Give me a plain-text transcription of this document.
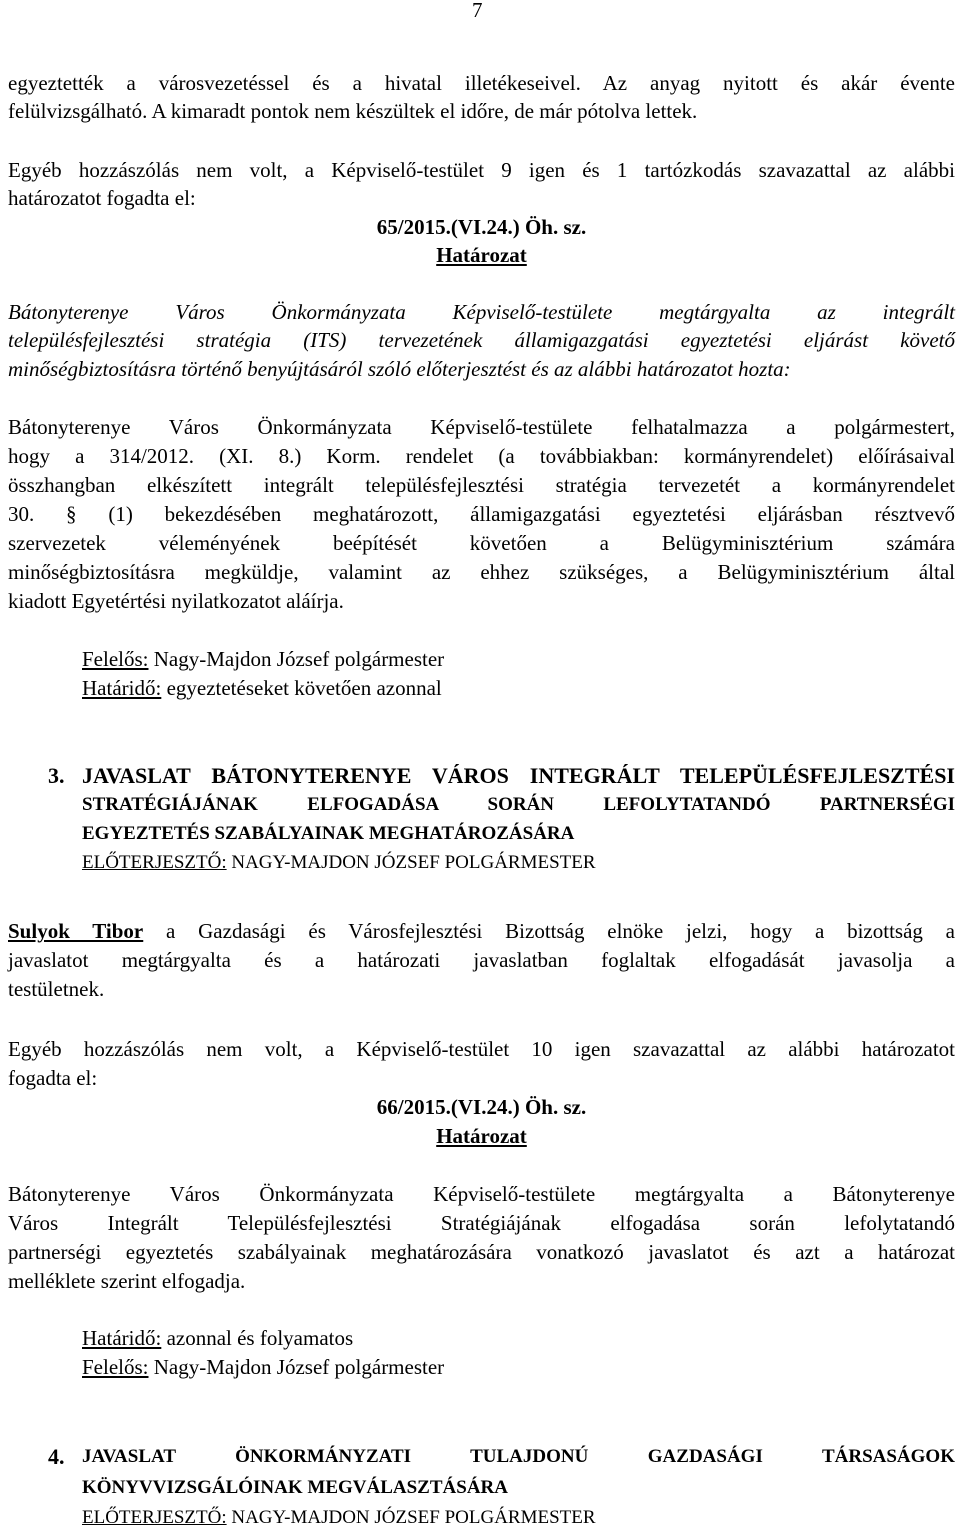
7
egyeztették a városvezetéssel és a hivatal illetékeseivel. Az anyag nyitott és akár évente
felülvizsgálható. A kimaradt pontok nem készültek el időre, de már pótolva lettek.
Egyéb hozzászólás nem volt, a Képviselő-testület 9 igen és 1 tartózkodás szavazattal az alábbi
határozatot fogadta el:
65/2015.(VI.24.) Öh. sz.
Határozat
Bátonyterenye Város Önkormányzata Képviselő-testülete megtárgyalta az integrált
településfejlesztési stratégia (ITS) tervezetének államigazgatási egyeztetési eljárást követő
minőségbiztosításra történő benyújtásáról szóló előterjesztést és az alábbi határozatot hozta:
Bátonyterenye Város Önkormányzata Képviselő-testülete felhatalmazza a polgármestert,
hogy a 314/2012. (XI. 8.) Korm. rendelet (a továbbiakban: kormányrendelet) előírásaival
összhangban elkészített integrált településfejlesztési stratégia tervezetét a kormányrendelet
30. § (1) bekezdésében meghatározott, államigazgatási egyeztetési eljárásban résztvevő
szervezetek véleményének beépítését követően a Belügyminisztérium számára
minőségbiztosításra megküldje, valamint az ehhez szükséges, a Belügyminisztérium által
kiadott Egyetértési nyilatkozatot aláírja.
Felelős: Nagy-Majdon József polgármester
Határidő: egyeztetéseket követően azonnal
3. JAVASLAT BÁTONYTERENYE VÁROS INTEGRÁLT TELEPÜLÉSFEJLESZTÉSI
STRATÉGIÁJÁNAK ELFOGADÁSA SORÁN LEFOLYTATANDÓ PARTNERSÉGI
EGYEZTETÉS SZABÁLYAINAK MEGHATÁROZÁSÁRA
ELŐTERJESZTŐ: NAGY-MAJDON JÓZSEF POLGÁRMESTER
Sulyok Tibor a Gazdasági és Városfejlesztési Bizottság elnöke jelzi, hogy a bizottság a
javaslatot megtárgyalta és a határozati javaslatban foglaltak elfogadását javasolja a
testületnek.
Egyéb hozzászólás nem volt, a Képviselő-testület 10 igen szavazattal az alábbi határozatot
fogadta el:
66/2015.(VI.24.) Öh. sz.
Határozat
Bátonyterenye Város Önkormányzata Képviselő-testülete megtárgyalta a Bátonyterenye
Város Integrált Településfejlesztési Stratégiájának elfogadása során lefolytatandó
partnerségi egyeztetés szabályainak meghatározására vonatkozó javaslatot és azt a határozat
melléklete szerint elfogadja.
Határidő: azonnal és folyamatos
Felelős: Nagy-Majdon József polgármester
4. JAVASLAT ÖNKORMÁNYZATI TULAJDONÚ GAZDASÁGI TÁRSASÁGOK
KÖNYVVIZSGÁLÓINAK MEGVÁLASZTÁSÁRA
ELŐTERJESZTŐ: NAGY-MAJDON JÓZSEF POLGÁRMESTER
